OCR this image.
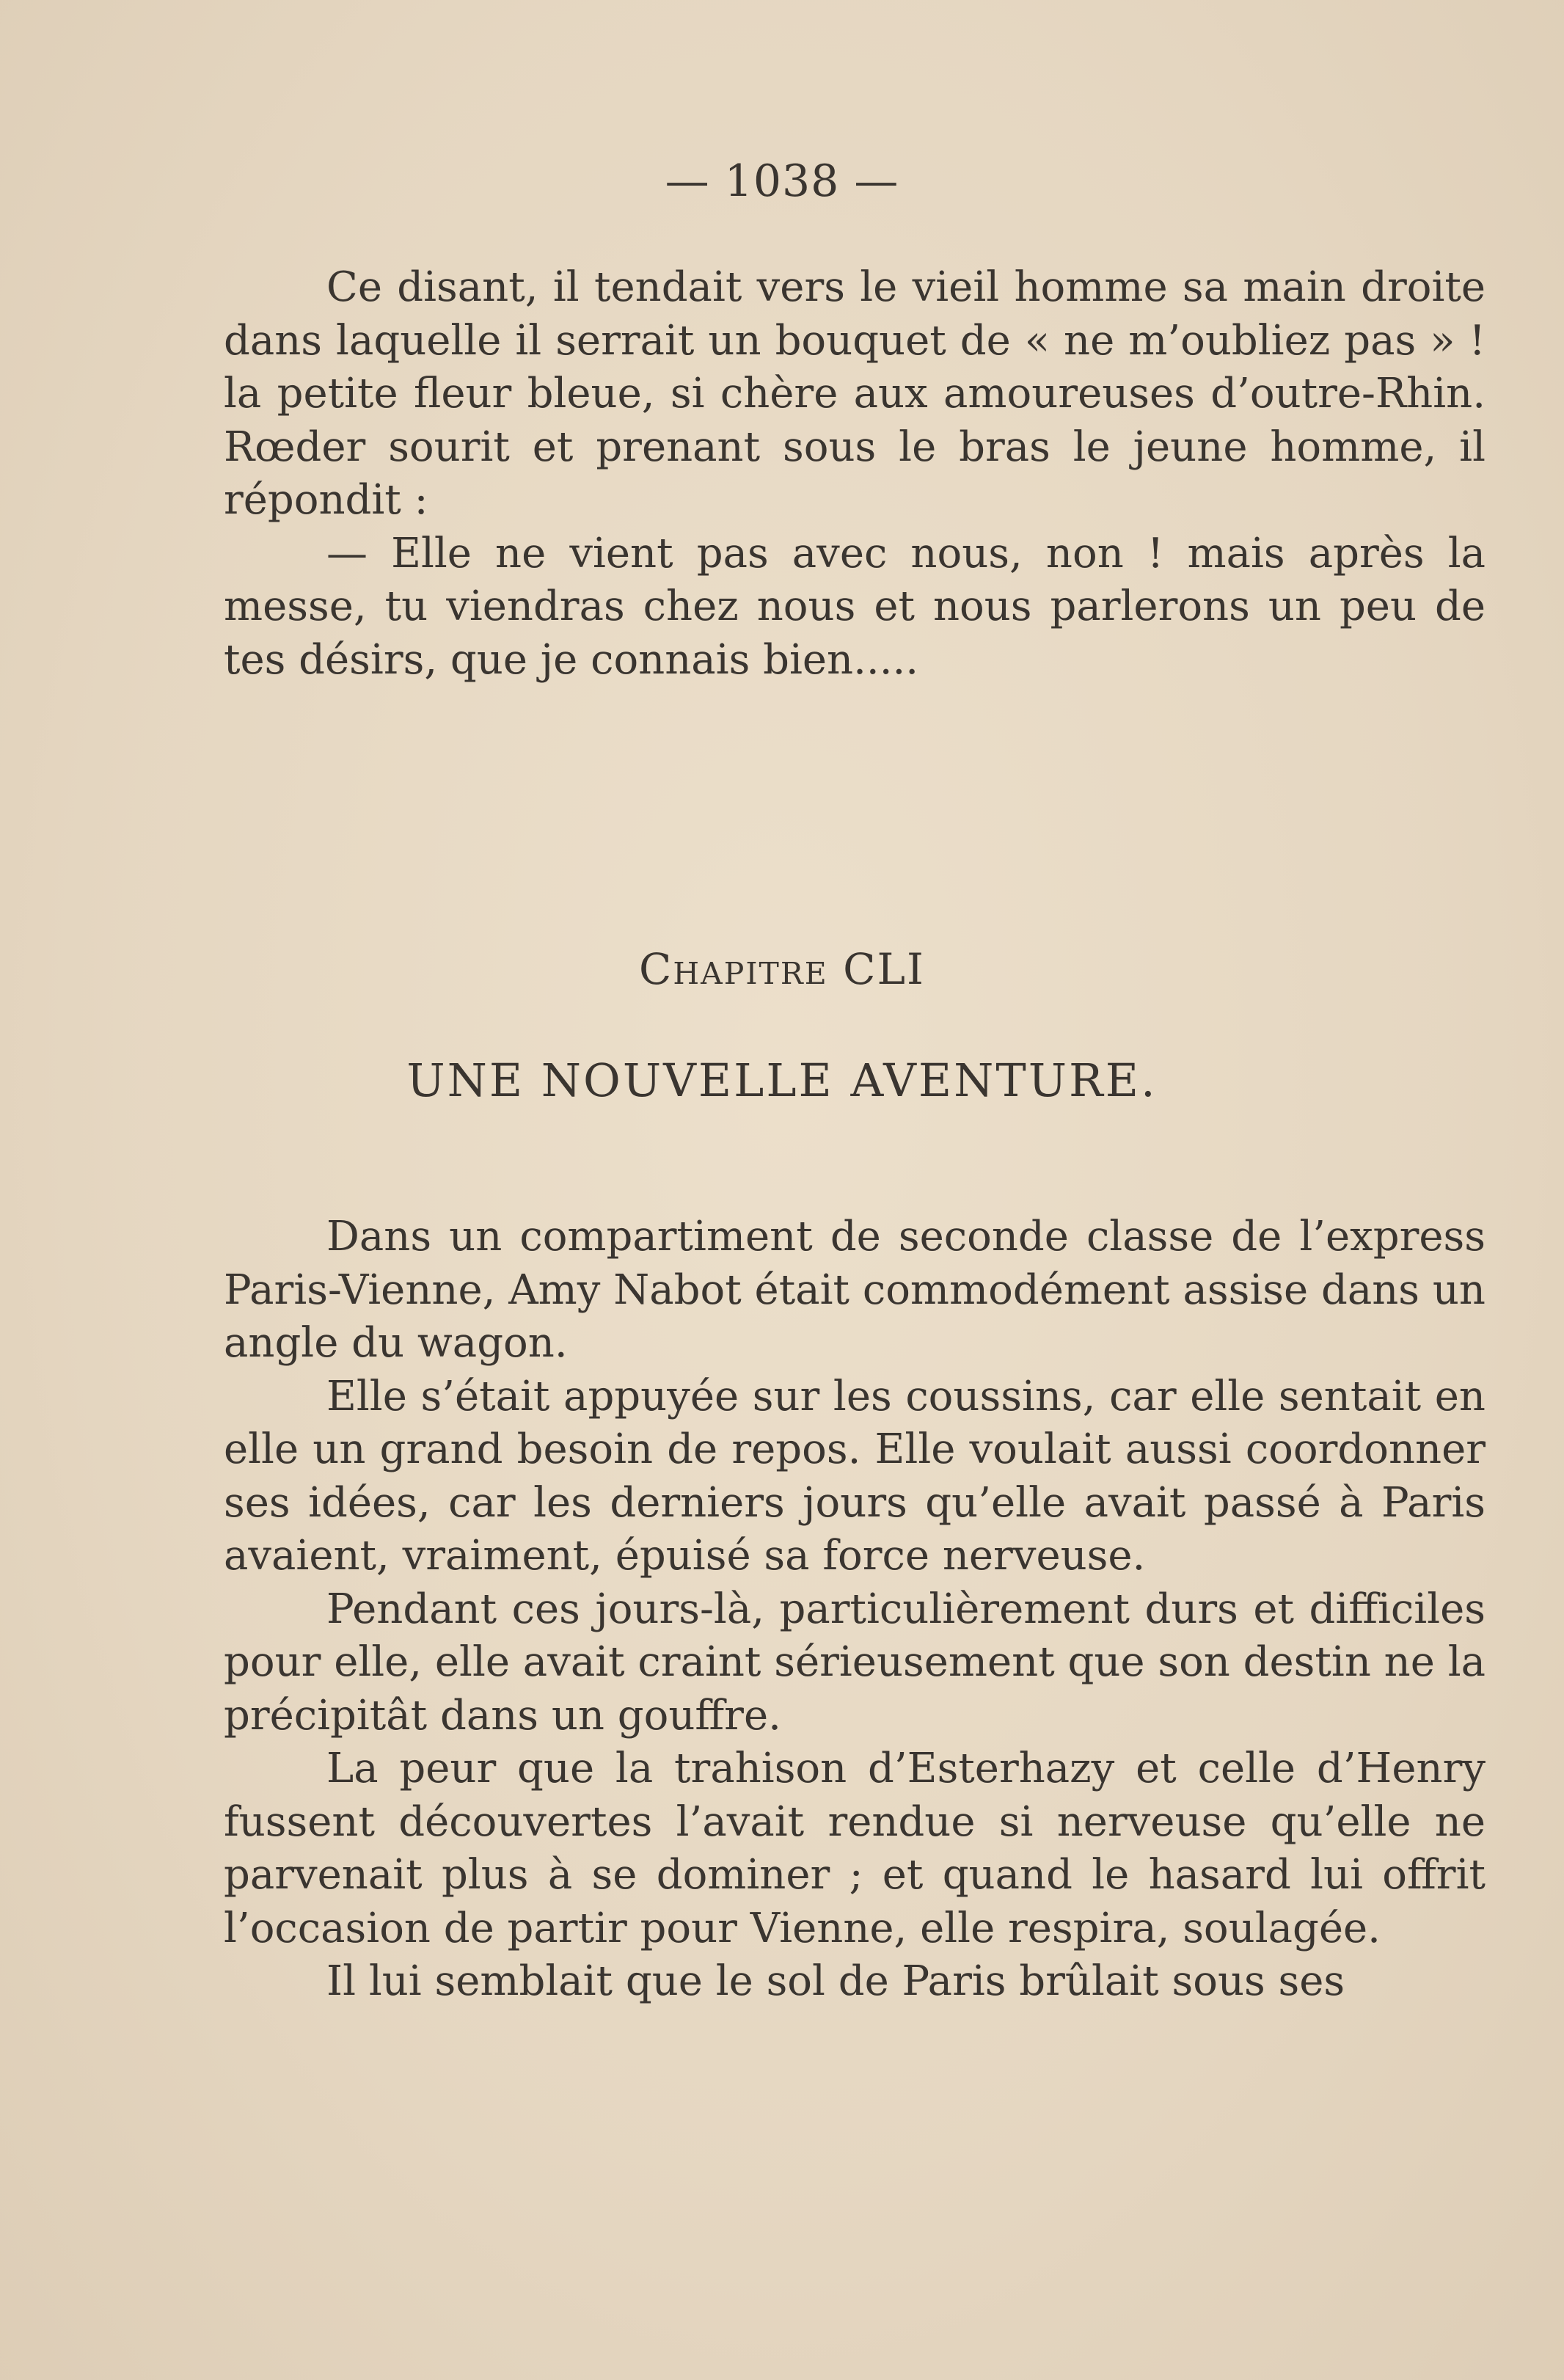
— 1038 —

Ce disant, il tendait vers le vieil homme sa main droite dans laquelle il serrait un bouquet de « ne m’oubliez pas » ! la petite fleur bleue, si chère aux amoureuses d’outre-Rhin. Rœder sourit et prenant sous le bras le jeune homme, il répondit :

— Elle ne vient pas avec nous, non ! mais après la messe, tu viendras chez nous et nous parlerons un peu de tes désirs, que je connais bien.....

Chapitre CLI
UNE NOUVELLE AVENTURE.

Dans un compartiment de seconde classe de l’express Paris-Vienne, Amy Nabot était commodément assise dans un angle du wagon.

Elle s’était appuyée sur les coussins, car elle sentait en elle un grand besoin de repos. Elle voulait aussi coordonner ses idées, car les derniers jours qu’elle avait passé à Paris avaient, vraiment, épuisé sa force nerveuse.

Pendant ces jours-là, particulièrement durs et difficiles pour elle, elle avait craint sérieusement que son destin ne la précipitât dans un gouffre.

La peur que la trahison d’Esterhazy et celle d’Henry fussent découvertes l’avait rendue si nerveuse qu’elle ne parvenait plus à se dominer ; et quand le hasard lui offrit l’occasion de partir pour Vienne, elle respira, soulagée.

Il lui semblait que le sol de Paris brûlait sous ses
